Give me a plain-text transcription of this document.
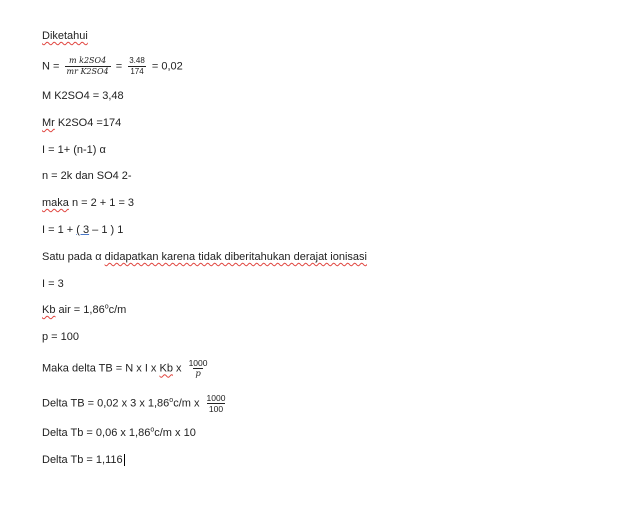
Diketahui
$N = \frac{\text{m k2SO4}}{\text{mr K2SO4}} = \frac{3.48}{174} = 0,02$
M K2SO4 = 3,48
Mr K2SO4 =174
I = 1+ (n-1) α
n = 2k dan SO4 2-
maka n = 2 + 1 = 3
I = 1 + ( 3 – 1 ) 1
Satu pada α didapatkan karena tidak diberitahukan derajat ionisasi
I = 3
Kb air = $1,86^oc/m$
p = 100
Maka delta TB = N x I x Kb x $\frac{1000}{p}$
Delta TB = 0,02 x 3 x 1,86$^o$c/m x $\frac{1000}{100}$
Delta Tb = 0,06 x 1,86$^o$c/m x 10
Delta Tb = 1,116
